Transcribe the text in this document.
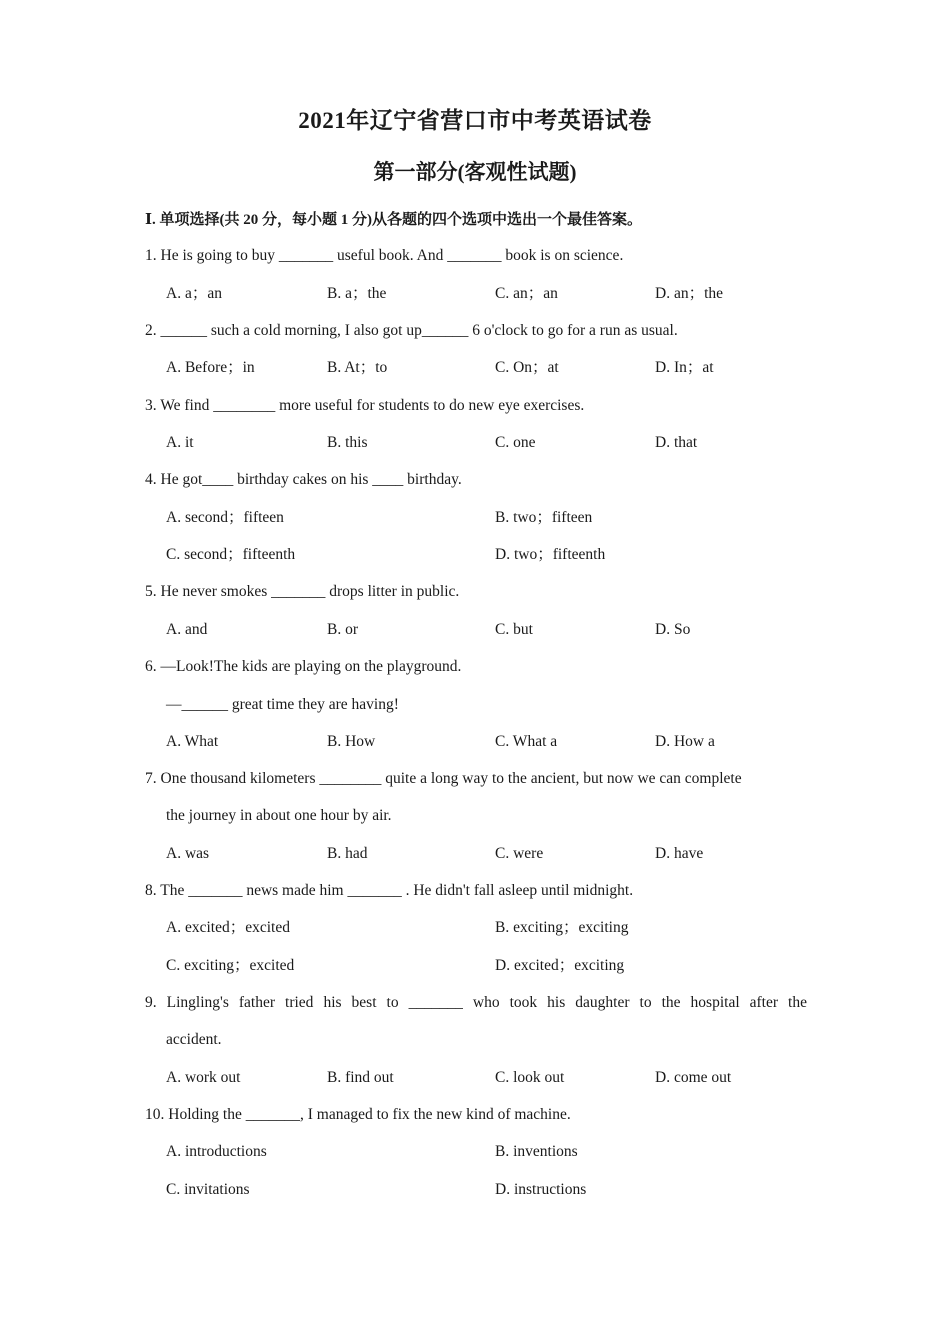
2021年辽宁省营口市中考英语试卷
第一部分(客观性试题)
Ⅰ. 单项选择(共 20 分，每小题 1 分)从各题的四个选项中选出一个最佳答案。
1. He is going to buy _______ useful book. And _______ book is on science.
A. a；an	B. a；the	C. an；an	D. an；the
2. ______ such a cold morning, I also got up______ 6 o'clock to go for a run as usual.
A. Before；in	B. At；to	C. On；at	D. In；at
3. We find ________ more useful for students to do new eye exercises.
A. it	B. this	C. one	D. that
4. He got____ birthday cakes on his ____ birthday.
A. second；fifteen	B. two；fifteen
C. second；fifteenth	D. two；fifteenth
5. He never smokes _______ drops litter in public.
A. and	B. or	C. but	D. So
6. —Look!The kids are playing on the playground.
—______ great time they are having!
A. What	B. How	C. What a	D. How a
7. One thousand kilometers ________ quite a long way to the ancient, but now we can complete
the journey in about one hour by air.
A. was	B. had	C. were	D. have
8. The _______ news made him _______ . He didn't fall asleep until midnight.
A. excited；excited	B. exciting；exciting
C. exciting；excited	D. excited；exciting
9. Lingling's father tried his best to _______ who took his daughter to the hospital after the
accident.
A. work out	B. find out	C. look out	D. come out
10. Holding the _______, I managed to fix the new kind of machine.
A. introductions	B. inventions
C. invitations	D. instructions
